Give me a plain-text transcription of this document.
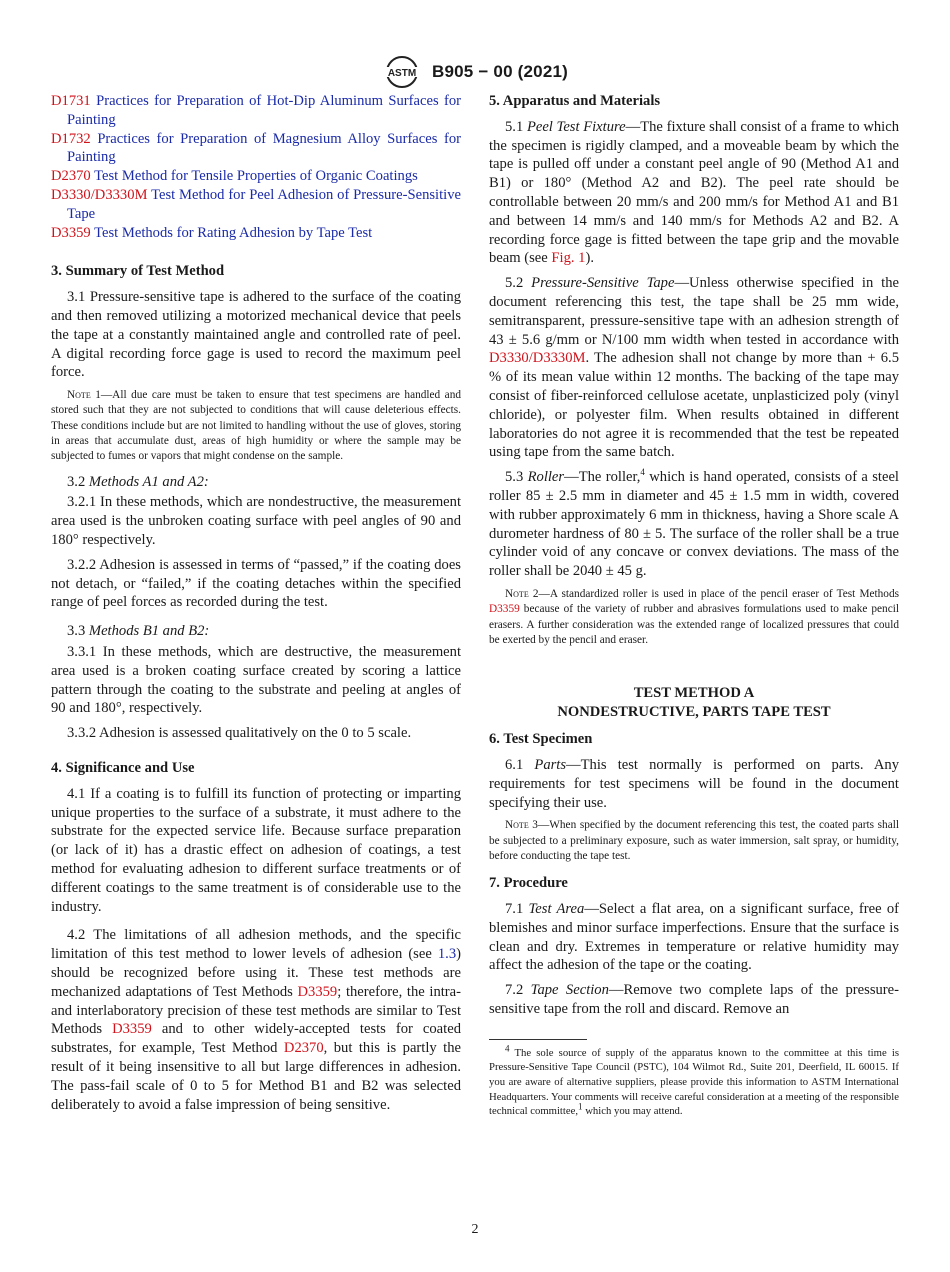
ASTM B905 − 00 (2021)

D1731 Practices for Preparation of Hot-Dip Aluminum Surfaces for Painting

D1732 Practices for Preparation of Magnesium Alloy Surfaces for Painting

D2370 Test Method for Tensile Properties of Organic Coatings

D3330/D3330M Test Method for Peel Adhesion of Pressure-Sensitive Tape

D3359 Test Methods for Rating Adhesion by Tape Test

3. Summary of Test Method

3.1 Pressure-sensitive tape is adhered to the surface of the coating and then removed utilizing a motorized mechanical device that peels the tape at a constantly maintained angle and controlled rate of peel. A digital recording force gage is used to record the maximum peel force.

Note 1—All due care must be taken to ensure that test specimens are handled and stored such that they are not subjected to conditions that will cause deleterious effects. These conditions include but are not limited to handling without the use of gloves, storing in areas that accumulate dust, areas of high humidity or where the sample may be subjected to fumes or vapors that might condense on the sample.

3.2 Methods A1 and A2:

3.2.1 In these methods, which are nondestructive, the measurement area used is the unbroken coating surface with peel angles of 90 and 180° respectively.

3.2.2 Adhesion is assessed in terms of “passed,” if the coating does not detach, or “failed,” if the coating detaches within the specified range of peel forces as recorded during the test.

3.3 Methods B1 and B2:

3.3.1 In these methods, which are destructive, the measurement area used is a broken coating surface created by scoring a lattice pattern through the coating to the substrate and peeling at angles of 90 and 180°, respectively.

3.3.2 Adhesion is assessed qualitatively on the 0 to 5 scale.

4. Significance and Use

4.1 If a coating is to fulfill its function of protecting or imparting unique properties to the surface of a substrate, it must adhere to the substrate for the expected service life. Because surface preparation (or lack of it) has a drastic effect on adhesion of coatings, a test method for evaluating adhesion to different surface treatments or of different coatings to the same treatment is of considerable use to the industry.

4.2 The limitations of all adhesion methods, and the specific limitation of this test method to lower levels of adhesion (see 1.3) should be recognized before using it. These test methods are mechanized adaptations of Test Methods D3359; therefore, the intra- and interlaboratory precision of these test methods are similar to Test Methods D3359 and to other widely-accepted tests for coated substrates, for example, Test Method D2370, but this is partly the result of it being insensitive to all but large differences in adhesion. The pass-fail scale of 0 to 5 for Method B1 and B2 was selected deliberately to avoid a false impression of being sensitive.

5. Apparatus and Materials

5.1 Peel Test Fixture—The fixture shall consist of a frame to which the specimen is rigidly clamped, and a moveable beam by which the tape is pulled off under a constant peel angle of 90 (Method A1 and B1) or 180° (Method A2 and B2). The peel rate should be controllable between 20 mm/s and 200 mm/s for Method A1 and B1 and between 14 mm/s and 140 mm/s for Methods A2 and B2. A recording force gage is fitted between the tape grip and the movable beam (see Fig. 1).

5.2 Pressure-Sensitive Tape—Unless otherwise specified in the document referencing this test, the tape shall be 25 mm wide, semitransparent, pressure-sensitive tape with an adhesion strength of 43 ± 5.6 g/mm or N/100 mm width when tested in accordance with D3330/D3330M. The adhesion shall not change by more than + 6.5 % of its mean value within 12 months. The backing of the tape may consist of fiber-reinforced cellulose acetate, unplasticized poly (vinyl chloride), or polyester film. When results obtained in different laboratories do not agree it is recommended that the test be repeated using tape from the same batch.

5.3 Roller—The roller,$^4$ which is hand operated, consists of a steel roller 85 ± 2.5 mm in diameter and 45 ± 1.5 mm in width, covered with rubber approximately 6 mm in thickness, having a Shore scale A durometer hardness of 80 ± 5. The surface of the roller shall be a true cylinder void of any concave or convex deviations. The mass of the roller shall be 2040 ± 45 g.

Note 2—A standardized roller is used in place of the pencil eraser of Test Methods D3359 because of the variety of rubber and abrasives formulations used to make pencil erasers. A further consideration was the extended range of localized pressures that could be exerted by the pencil and eraser.

TEST METHOD A
NONDESTRUCTIVE, PARTS TAPE TEST
6. Test Specimen

6.1 Parts—This test normally is performed on parts. Any requirements for test specimens will be found in the document specifying their use.

Note 3—When specified by the document referencing this test, the coated parts shall be subjected to a preliminary exposure, such as water immersion, salt spray, or humidity, before conducting the tape test.

7. Procedure

7.1 Test Area—Select a flat area, on a significant surface, free of blemishes and minor surface imperfections. Ensure that the surface is clean and dry. Extremes in temperature or relative humidity may affect the adhesion of the tape or the coating.

7.2 Tape Section—Remove two complete laps of the pressure-sensitive tape from the roll and discard. Remove an

$^4$ The sole source of supply of the apparatus known to the committee at this time is Pressure-Sensitive Tape Council (PSTC), 104 Wilmot Rd., Suite 201, Deerfield, IL 60015. If you are aware of alternative suppliers, please provide this information to ASTM International Headquarters. Your comments will receive careful consideration at a meeting of the responsible technical committee,$^1$ which you may attend.

2
